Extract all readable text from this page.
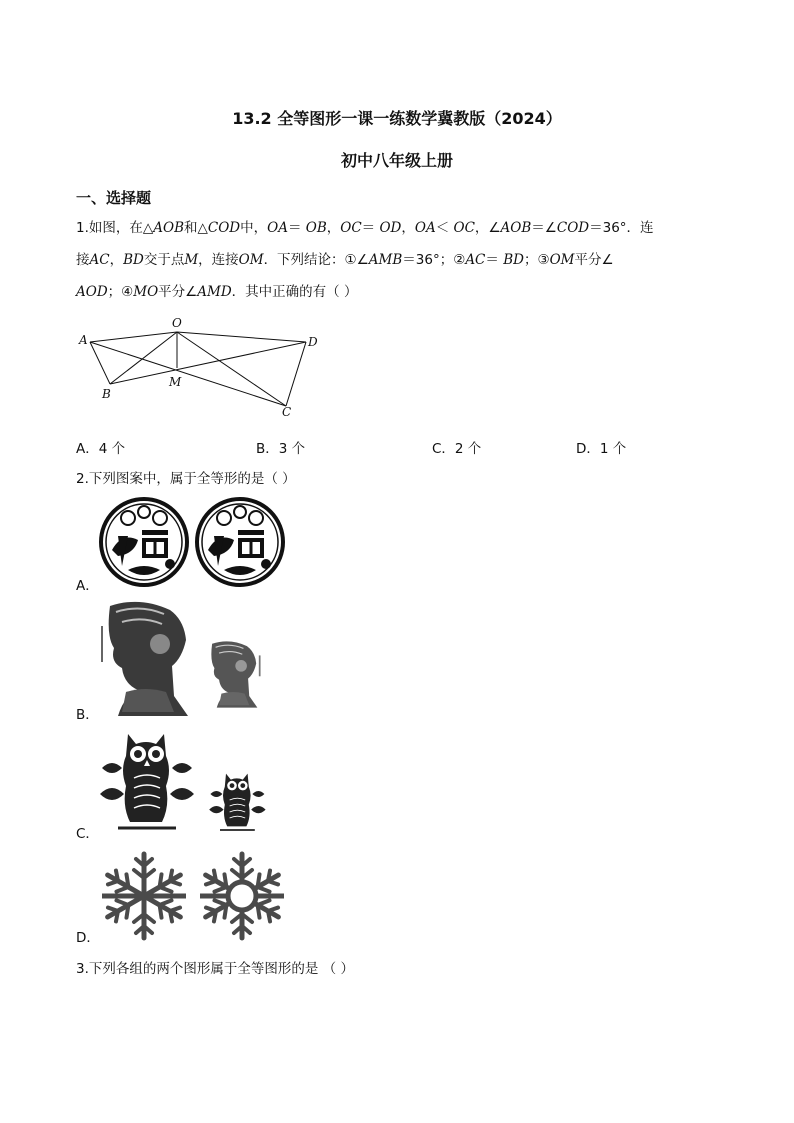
13.2 全等图形一课一练数学冀教版（2024）
初中八年级上册
一、选择题
1.如图，在△AOB和△COD中，OA＝ OB，OC＝ OD，OA＜ OC，∠AOB＝∠COD＝36°．连
接AC，BD交于点M，连接OM．下列结论：①∠AMB＝36°；②AC＝ BD；③OM平分∠
AOD；④MO平分∠AMD．其中正确的有（ ）
A
O
D
B
M
C
A．4 个	B．3 个	C．2 个	D．1 个
2.下列图案中，属于全等形的是（ ）
A．
B．
C．
D．
3.下列各组的两个图形属于全等图形的是 （ ）
